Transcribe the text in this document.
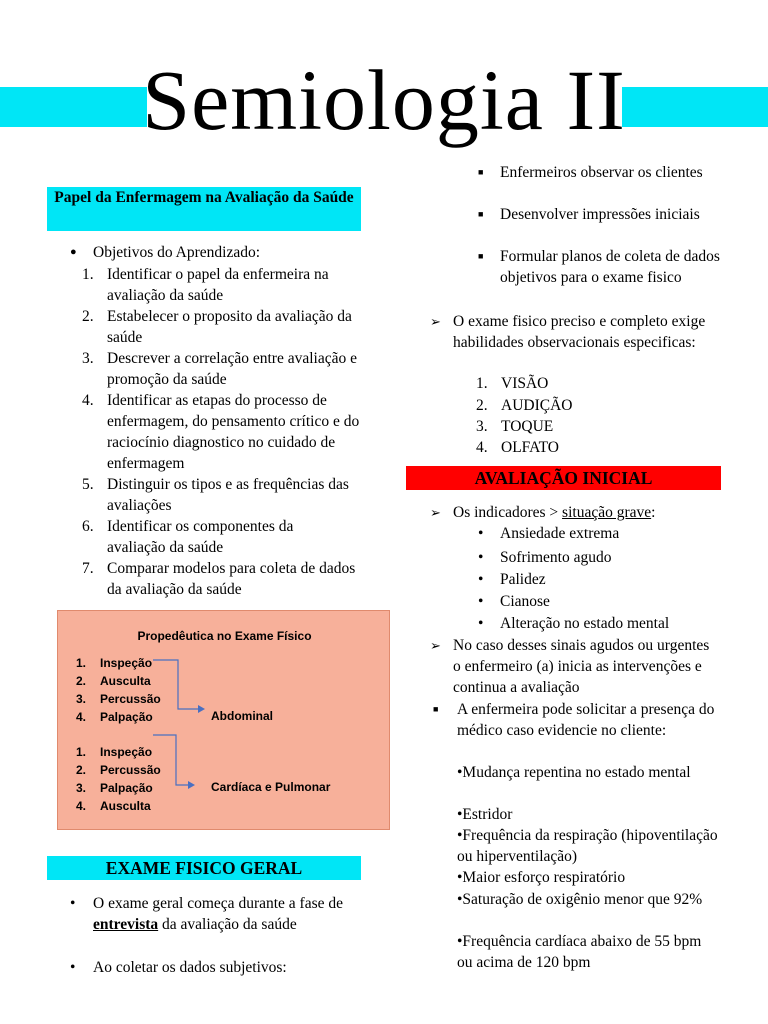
Semiologia II
Papel da Enfermagem na Avaliação da Saúde
● Objetivos do Aprendizado:
1. Identificar o papel da enfermeira na avaliação da saúde
2. Estabelecer o proposito da avaliação da saúde
3. Descrever a correlação entre avaliação e promoção da saúde
4. Identificar as etapas do processo de enfermagem, do pensamento crítico e do raciocínio diagnostico no cuidado de enfermagem
5. Distinguir os tipos e as frequências das avaliações
6. Identificar os componentes da avaliação da saúde
7. Comparar modelos para coleta de dados da avaliação da saúde
Propedêutica no Exame Físico
1. Inspeção
2. Ausculta
3. Percussão
4. Palpação	Abdominal
1. Inspeção
2. Percussão
3. Palpação
4. Ausculta
Cardíaca e Pulmonar
EXAME FISICO GERAL
• O exame geral começa durante a fase de entrevista da avaliação da saúde
• Ao coletar os dados subjetivos:
■ Enfermeiros observar os clientes
■ Desenvolver impressões iniciais
■ Formular planos de coleta de dados objetivos para o exame fisico
➢ O exame fisico preciso e completo exige habilidades observacionais especificas:
1. VISÃO
2. AUDIÇÃO
3. TOQUE
4. OLFATO
AVALIAÇÃO INICIAL
➢ Os indicadores > situação grave:
• Ansiedade extrema
• Sofrimento agudo
• Palidez
• Cianose
• Alteração no estado mental
➢ No caso desses sinais agudos ou urgentes o enfermeiro (a) inicia as intervenções e continua a avaliação
■ A enfermeira pode solicitar a presença do médico caso evidencie no cliente:
•Mudança repentina no estado mental
•Estridor
•Frequência da respiração (hipoventilação ou hiperventilação)
•Maior esforço respiratório
•Saturação de oxigênio menor que 92%
•Frequência cardíaca abaixo de 55 bpm ou acima de 120 bpm
